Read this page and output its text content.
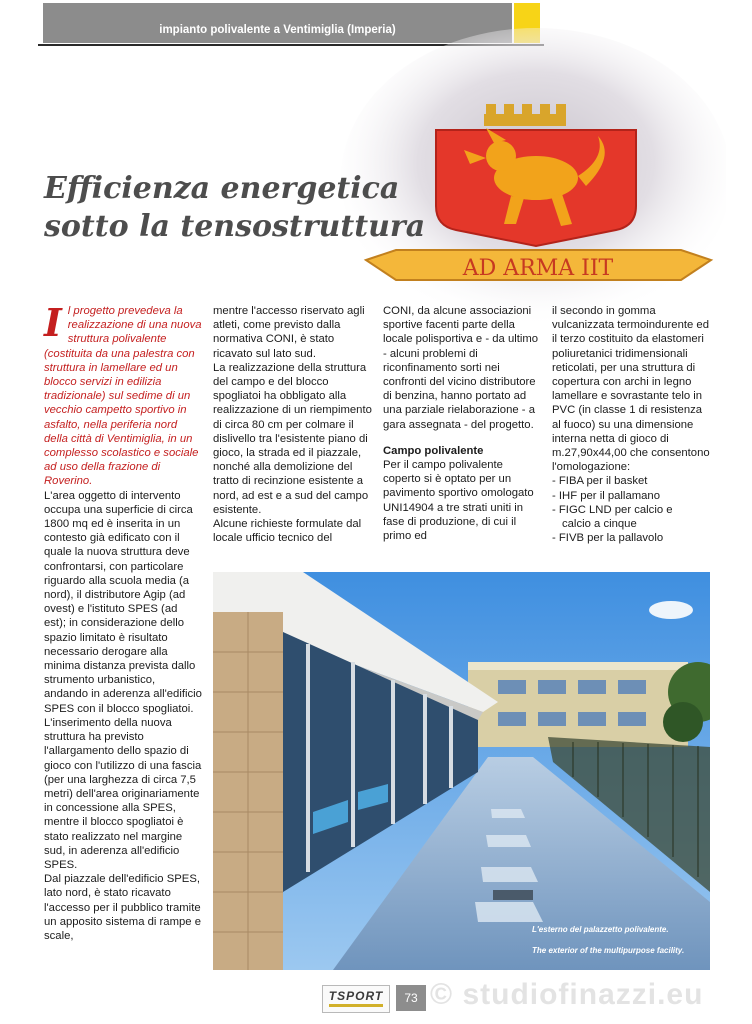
impianto polivalente a Ventimiglia (Imperia)
AD ARMA IIT
Efficienza energetica
sotto la tensostruttura

Il progetto prevedeva la realizzazione di una nuova struttura polivalente (costituita da una palestra con struttura in lamellare ed un blocco servizi in edilizia tradizionale) sul sedime di un vecchio campetto sportivo in asfalto, nella periferia nord della città di Ventimiglia, in un complesso scolastico e sociale ad uso della frazione di Roverino.

L'area oggetto di intervento occupa una superficie di circa 1800 mq ed è inserita in un contesto già edificato con il quale la nuova struttura deve confrontarsi, con particolare riguardo alla scuola media (a nord), il distributore Agip (ad ovest) e l'istituto SPES (ad est); in considerazione dello spazio limitato è risultato necessario derogare alla minima distanza prevista dallo strumento urbanistico, andando in aderenza all'edificio SPES con il blocco spogliatoi.

L'inserimento della nuova struttura ha previsto l'allargamento dello spazio di gioco con l'utilizzo di una fascia (per una larghezza di circa 7,5 metri) dell'area originariamente in concessione alla SPES, mentre il blocco spogliatoi è stato realizzato nel margine sud, in aderenza all'edificio SPES.

Dal piazzale dell'edificio SPES, lato nord, è stato ricavato l'accesso per il pubblico tramite un apposito sistema di rampe e scale,

mentre l'accesso riservato agli atleti, come previsto dalla normativa CONI, è stato ricavato sul lato sud.

La realizzazione della struttura del campo e del blocco spogliatoi ha obbligato alla realizzazione di un riempimento di circa 80 cm per colmare il dislivello tra l'esistente piano di gioco, la strada ed il piazzale, nonché alla demolizione del tratto di recinzione esistente a nord, ad est e a sud del campo esistente.

Alcune richieste formulate dal locale ufficio tecnico del

CONI, da alcune associazioni sportive facenti parte della locale polisportiva e - da ultimo - alcuni problemi di riconfinamento sorti nei confronti del vicino distributore di benzina, hanno portato ad una parziale rielaborazione - a gara assegnata - del progetto.

Campo polivalente

Per il campo polivalente coperto si è optato per un pavimento sportivo omologato UNI14904 a tre strati uniti in fase di produzione, di cui il primo ed

il secondo in gomma vulcanizzata termoindurente ed il terzo costituito da elastomeri poliuretanici tridimensionali reticolati, per una struttura di copertura con archi in legno lamellare e sovrastante telo in PVC (in classe 1 di resistenza al fuoco) su una dimensione interna netta di gioco di m.27,90x44,00 che consentono l'omologazione:

- FIBA per il basket

- IHF per il pallamano

- FIGC LND per calcio e

calcio a cinque

- FIVB per la pallavolo

L'esterno del palazzetto polivalente.
The exterior of the multipurpose facility.
TSPORT	73 © studiofinazzi.eu
